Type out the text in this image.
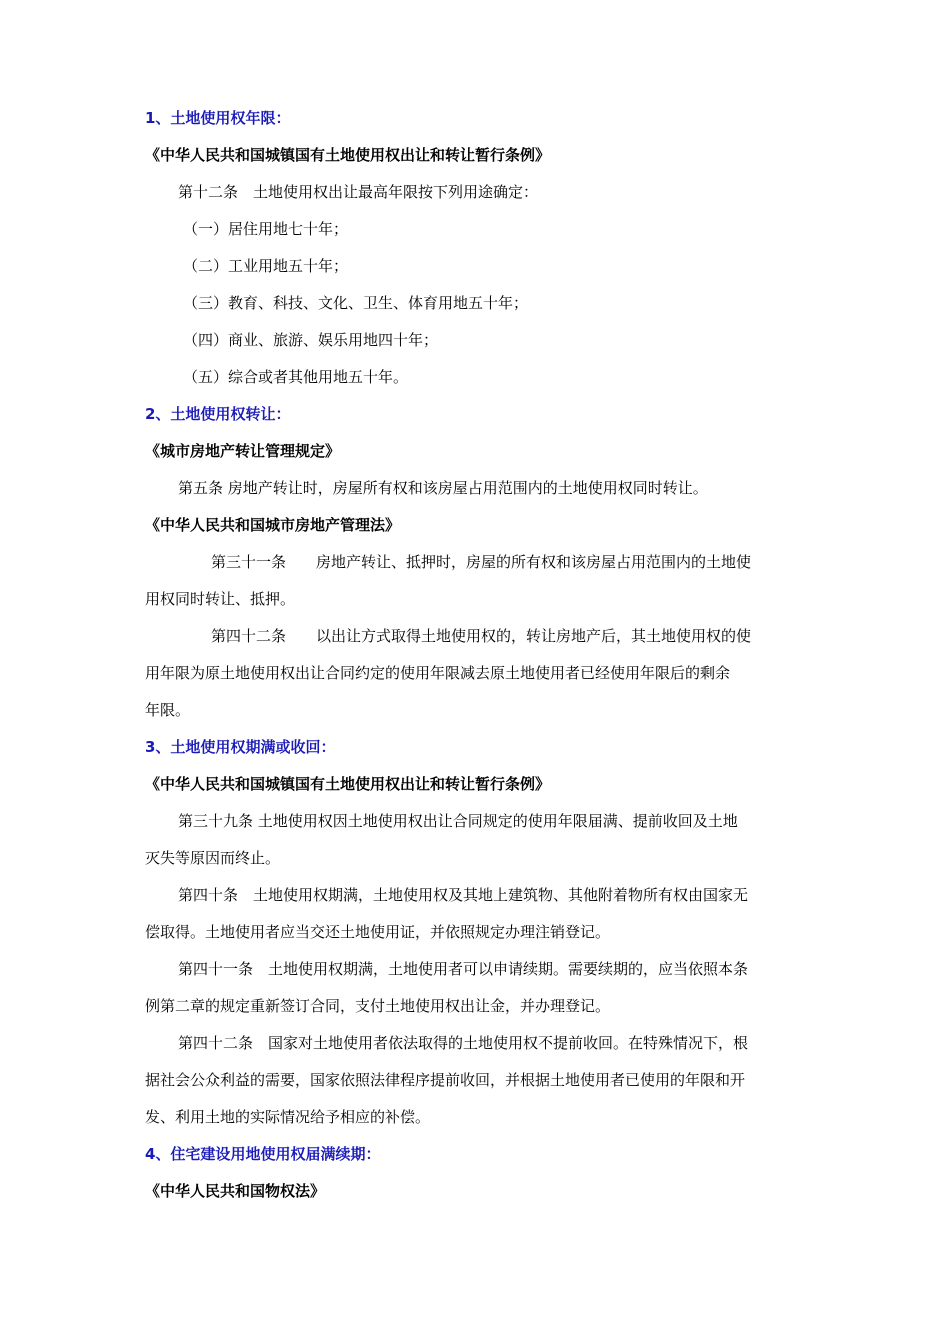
1、土地使用权年限：
《中华人民共和国城镇国有土地使用权出让和转让暂行条例》
第十二条　土地使用权出让最高年限按下列用途确定：
（一）居住用地七十年；
（二）工业用地五十年；
（三）教育、科技、文化、卫生、体育用地五十年；
（四）商业、旅游、娱乐用地四十年；
（五）综合或者其他用地五十年。
2、土地使用权转让：
《城市房地产转让管理规定》
第五条 房地产转让时，房屋所有权和该房屋占用范围内的土地使用权同时转让。
《中华人民共和国城市房地产管理法》
第三十一条　　房地产转让、抵押时，房屋的所有权和该房屋占用范围内的土地使
用权同时转让、抵押。
第四十二条　　以出让方式取得土地使用权的，转让房地产后，其土地使用权的使
用年限为原土地使用权出让合同约定的使用年限减去原土地使用者已经使用年限后的剩余
年限。
3、土地使用权期满或收回：
《中华人民共和国城镇国有土地使用权出让和转让暂行条例》
第三十九条 土地使用权因土地使用权出让合同规定的使用年限届满、提前收回及土地
灭失等原因而终止。
第四十条　土地使用权期满，土地使用权及其地上建筑物、其他附着物所有权由国家无
偿取得。土地使用者应当交还土地使用证，并依照规定办理注销登记。
第四十一条　土地使用权期满，土地使用者可以申请续期。需要续期的，应当依照本条
例第二章的规定重新签订合同，支付土地使用权出让金，并办理登记。
第四十二条　国家对土地使用者依法取得的土地使用权不提前收回。在特殊情况下，根
据社会公众利益的需要，国家依照法律程序提前收回，并根据土地使用者已使用的年限和开
发、利用土地的实际情况给予相应的补偿。
4、住宅建设用地使用权届满续期：
《中华人民共和国物权法》
